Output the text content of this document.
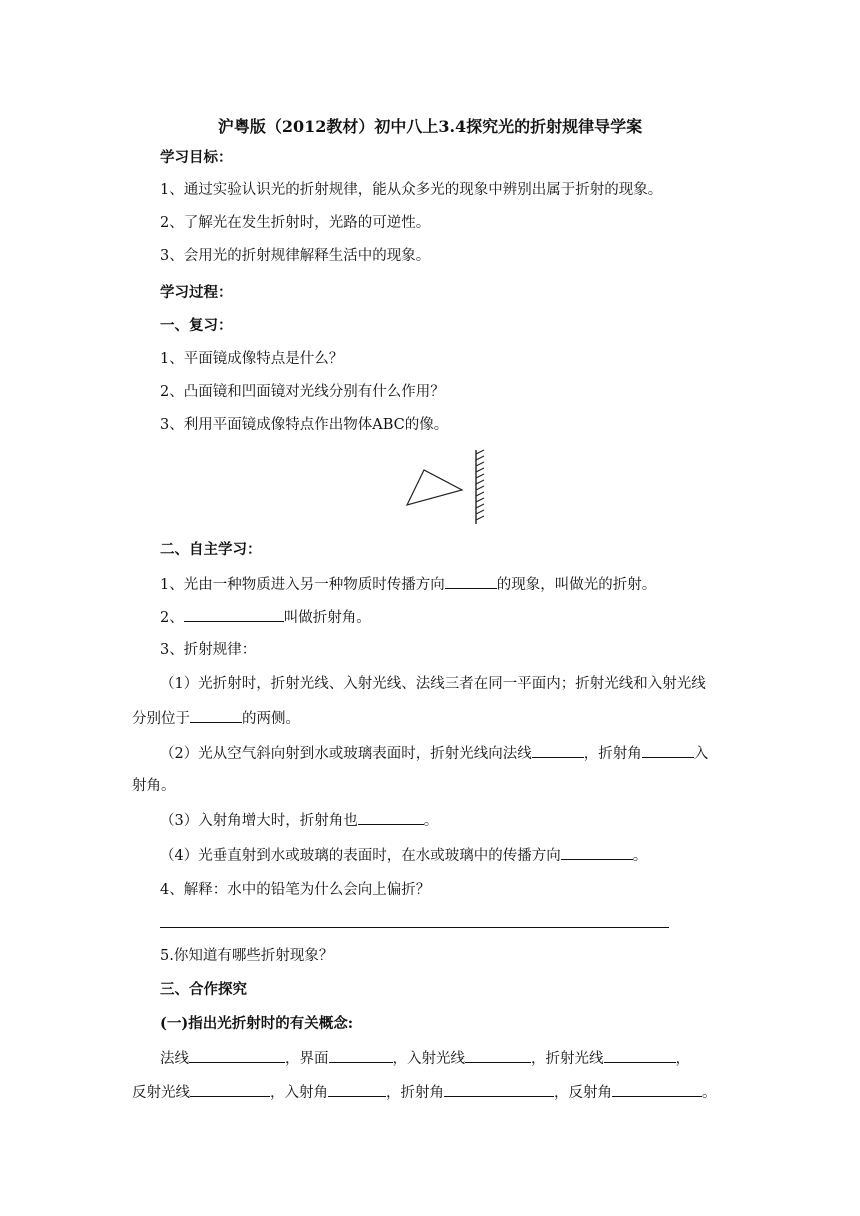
沪粤版（2012教材）初中八上3.4探究光的折射规律导学案
学习目标：
1、通过实验认识光的折射规律，能从众多光的现象中辨别出属于折射的现象。
2、了解光在发生折射时，光路的可逆性。
3、会用光的折射规律解释生活中的现象。
学习过程：
一、复习：
1、平面镜成像特点是什么？
2、凸面镜和凹面镜对光线分别有什么作用？
3、利用平面镜成像特点作出物体ABC的像。
二、自主学习：
1、光由一种物质进入另一种物质时传播方向	的现象，叫做光的折射。
2、	叫做折射角。
3、折射规律：
（1）光折射时，折射光线、入射光线、法线三者在同一平面内；折射光线和入射光线
分别位于	的两侧。
（2）光从空气斜向射到水或玻璃表面时，折射光线向法线	，折射角	入
射角。
（3）入射角增大时，折射角也	。
（4）光垂直射到水或玻璃的表面时，在水或玻璃中的传播方向	。
4、解释：水中的铅笔为什么会向上偏折？
5.你知道有哪些折射现象？
三、合作探究
(一)指出光折射时的有关概念:
法线	，界面	，入射光线	，折射光线	，
反射光线	，入射角	，折射角	，反射角	。
